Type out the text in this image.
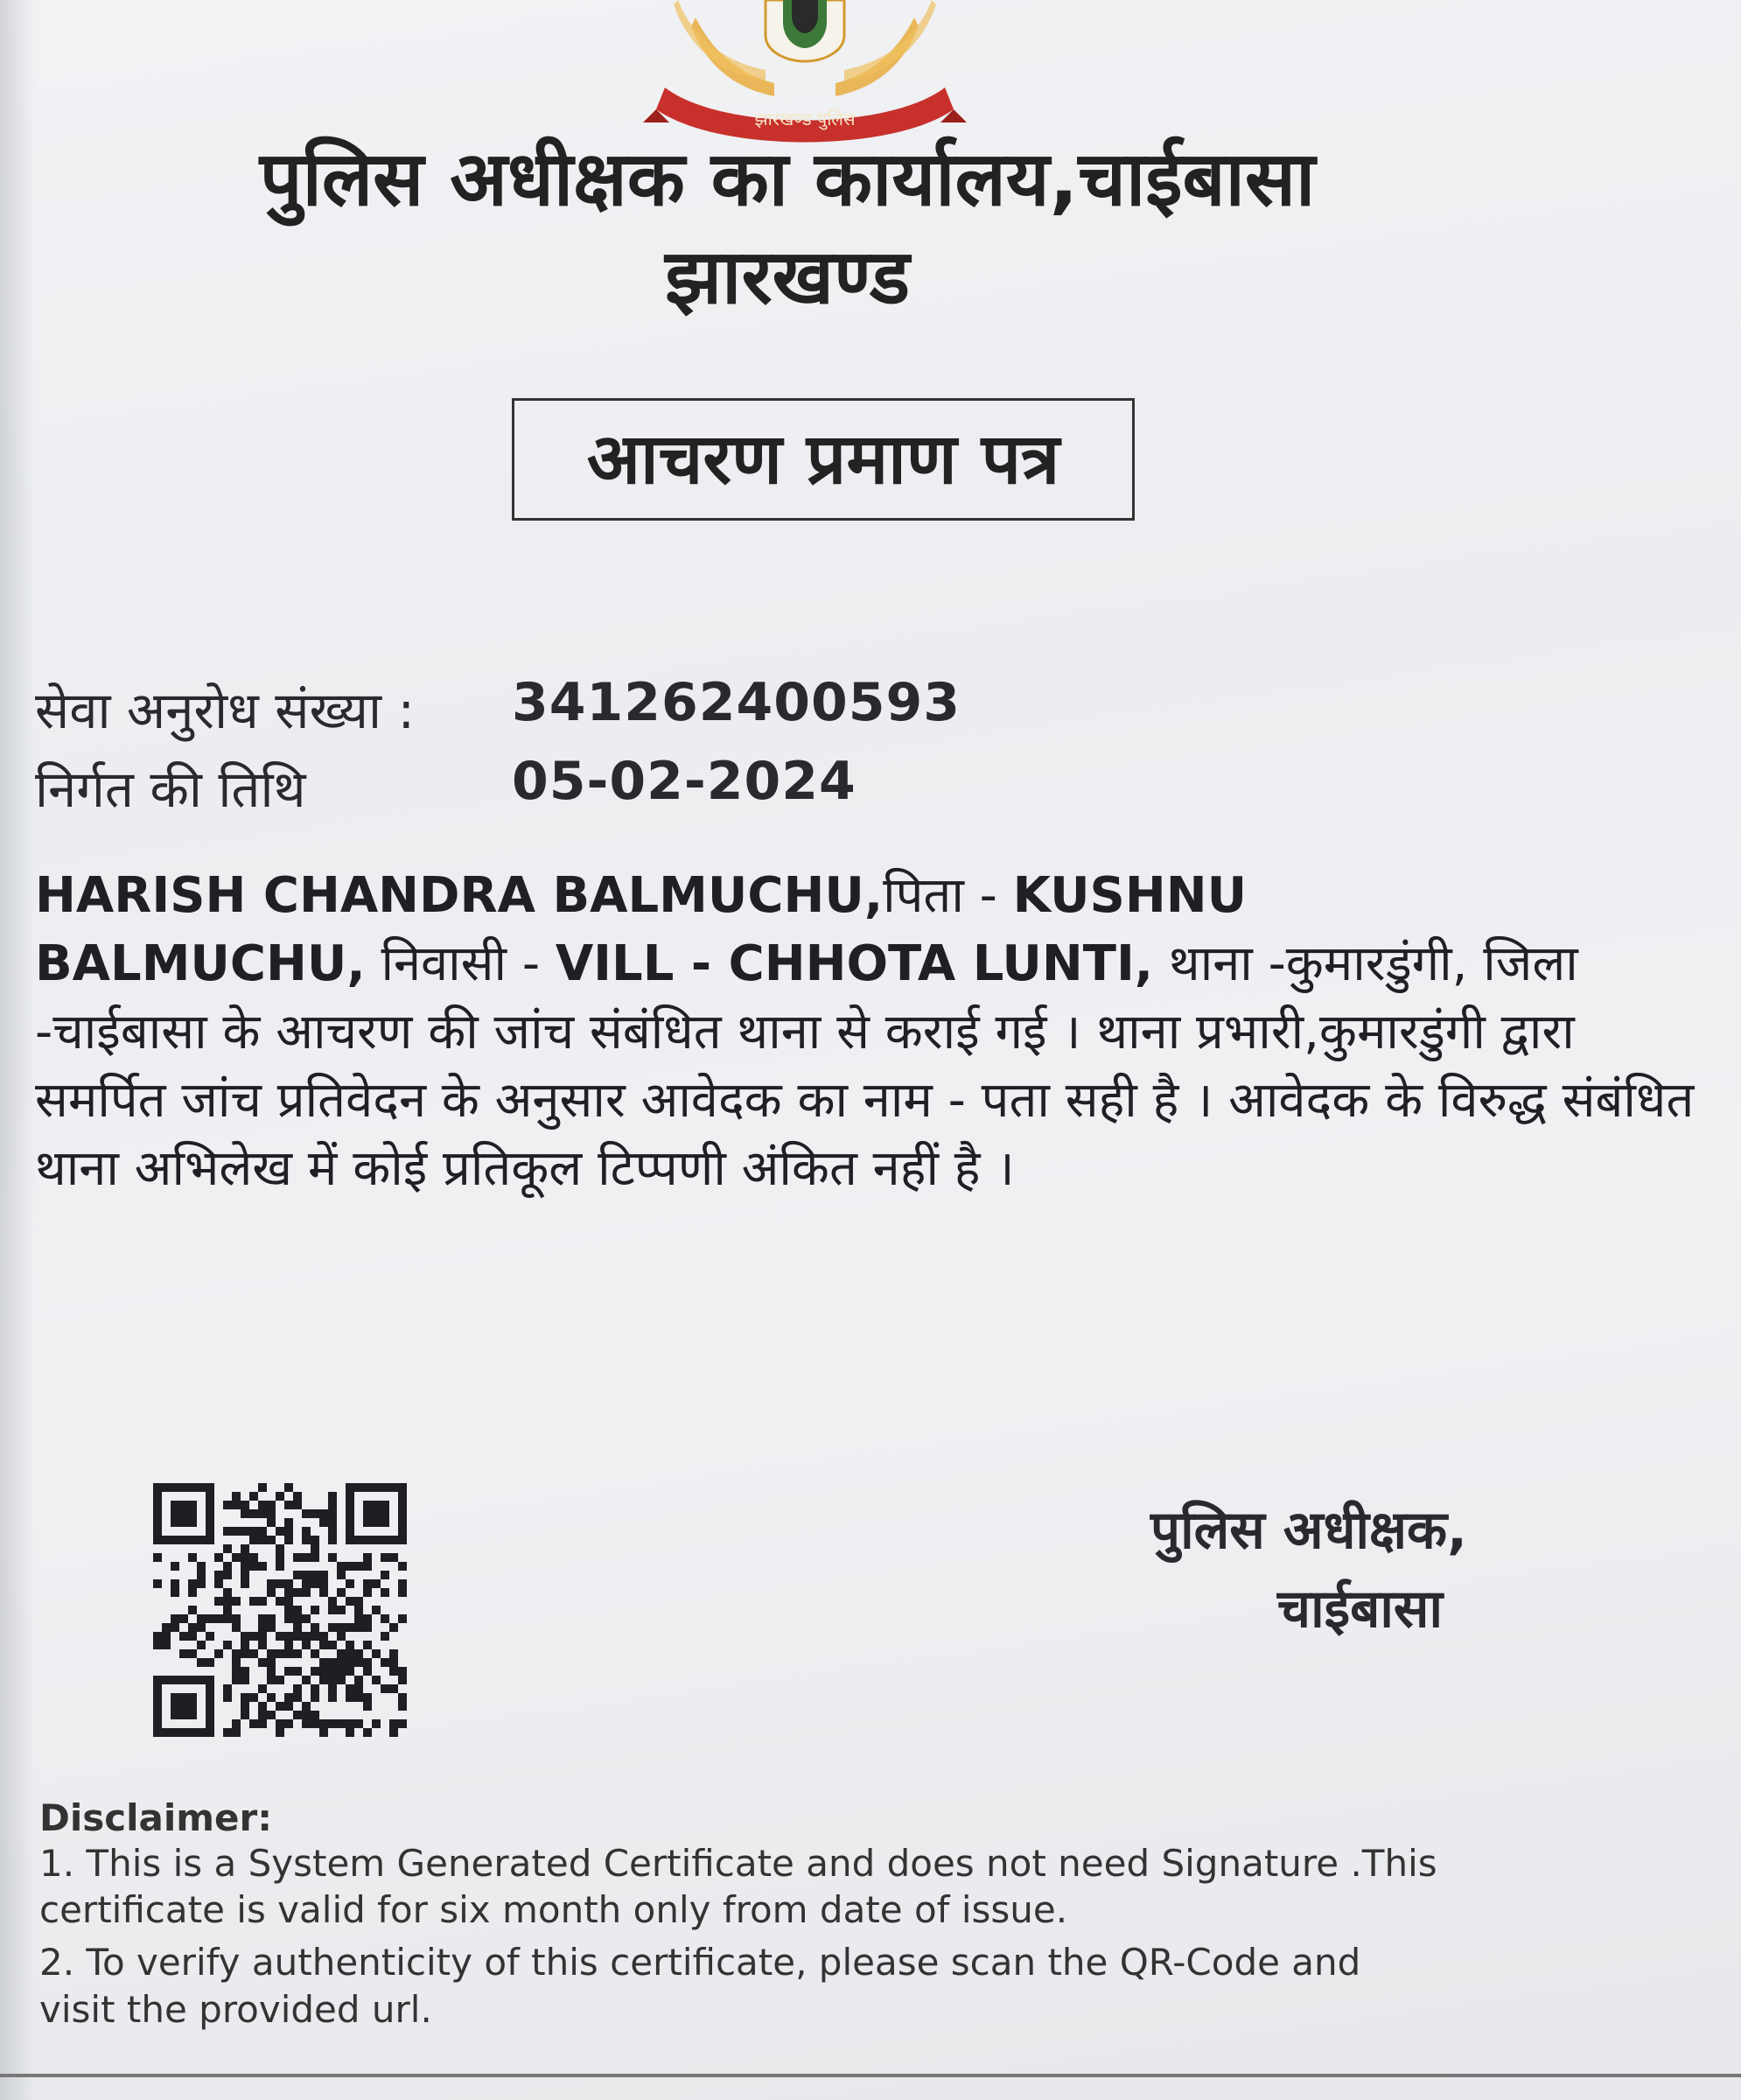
झारखण्ड पुलिस
पुलिस अधीक्षक का कार्यालय,चाईबासा
झारखण्ड
आचरण प्रमाण पत्र
सेवा अनुरोध संख्या : 341262400593
निर्गत की तिथि	05-02-2024
HARISH CHANDRA BALMUCHU,पिता - KUSHNU
BALMUCHU, निवासी - VILL - CHHOTA LUNTI, थाना -कुमारडुंगी, जिला -चाईबासा के आचरण की जांच संबंधित थाना से कराई गई । थाना प्रभारी,कुमारडुंगी द्वारा समर्पित जांच प्रतिवेदन के अनुसार आवेदक का नाम - पता सही है । आवेदक के विरुद्ध संबंधित थाना अभिलेख में कोई प्रतिकूल टिप्पणी अंकित नहीं है ।
पुलिस अधीक्षक,
चाईबासा
Disclaimer:
1. This is a System Generated Certificate and does not need Signature .This
certificate is valid for six month only from date of issue.
2. To verify authenticity of this certificate, please scan the QR-Code and
visit the provided url.
